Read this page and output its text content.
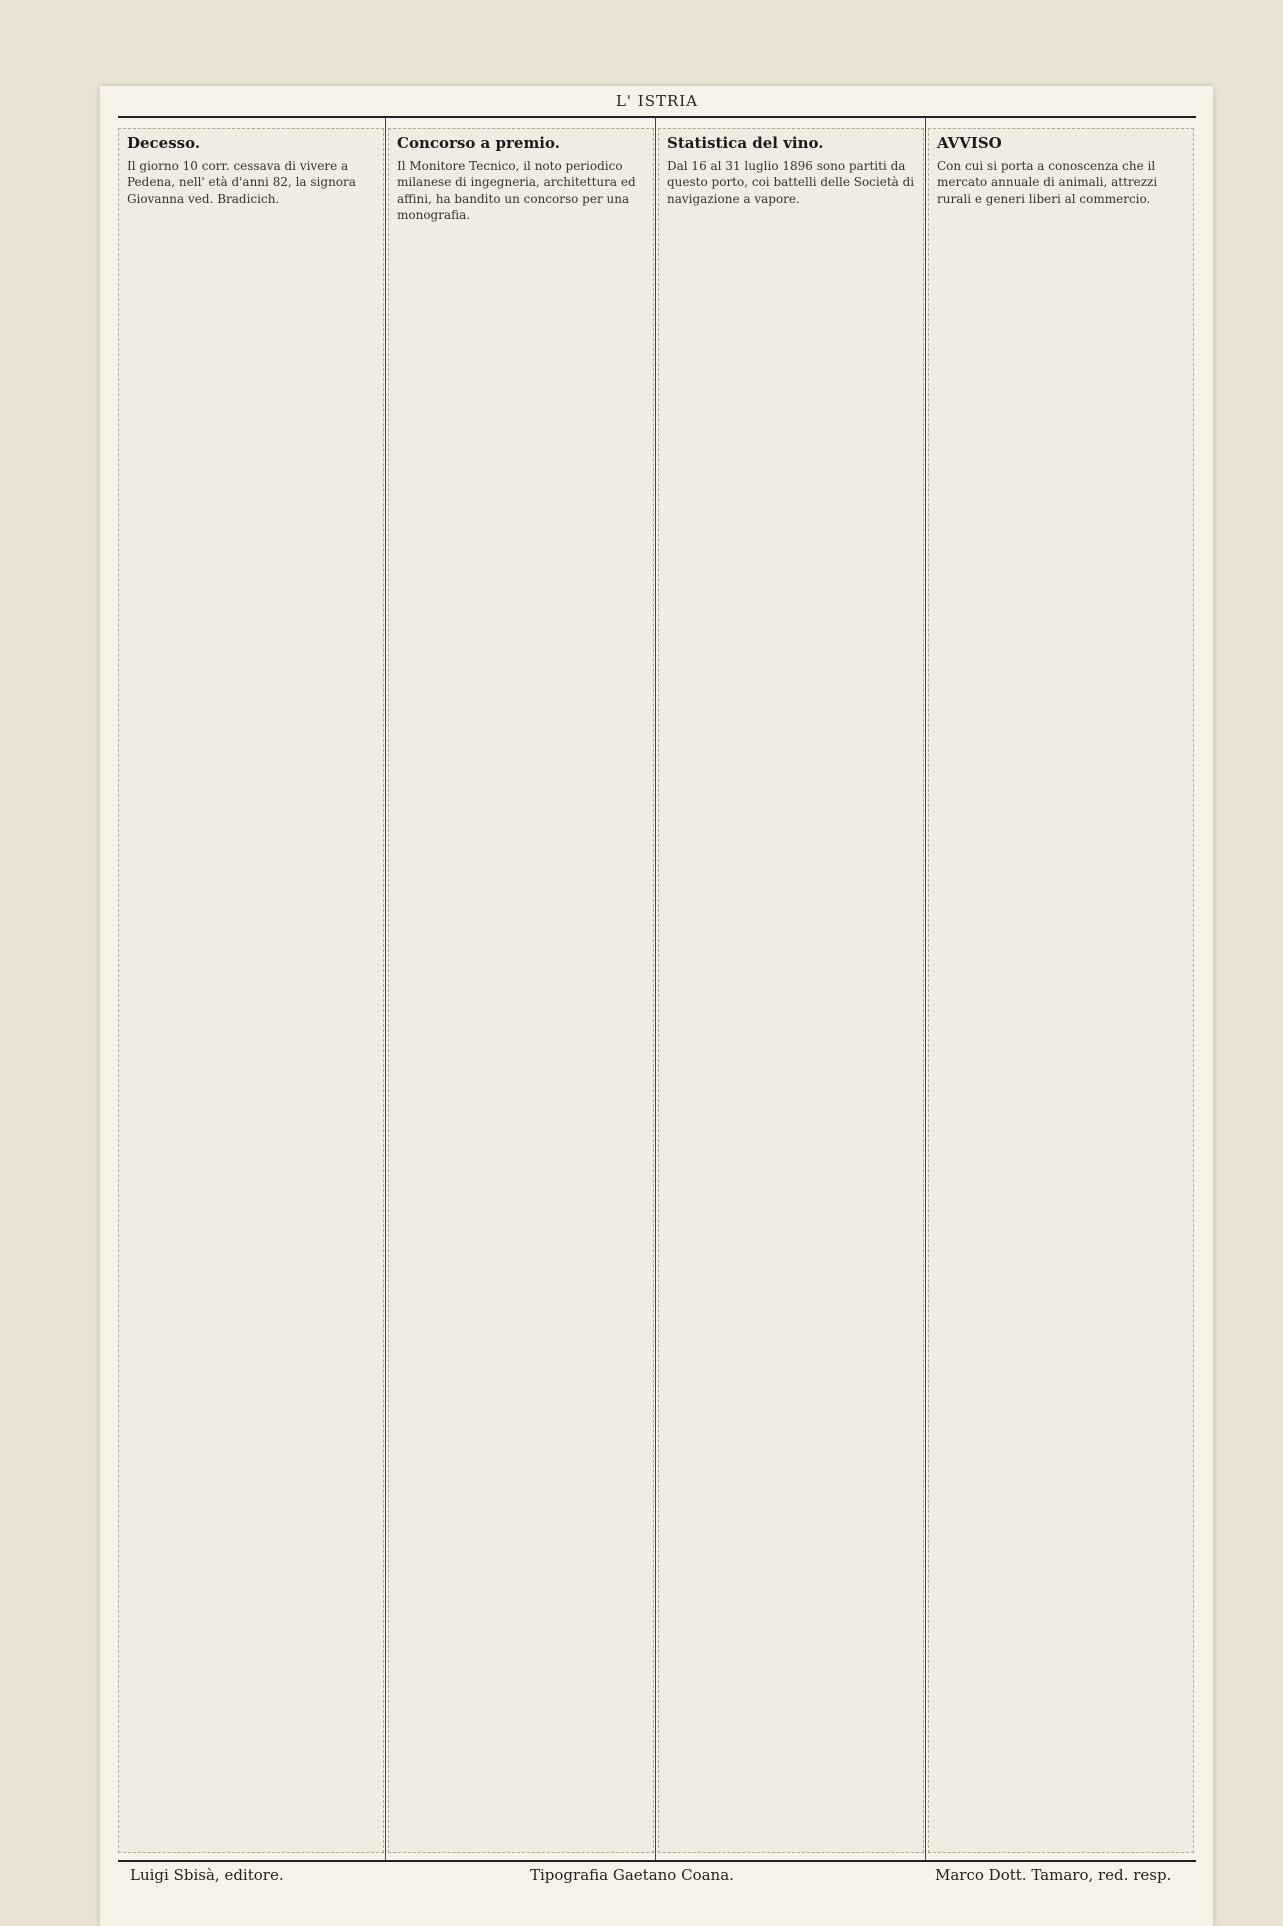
L' ISTRIA
Decesso.

Il giorno 10 corr. cessava di vivere a Pedena, nell' età d'anni 82, la signora Giovanna ved. Bradicich.

Concorso a premio.

Il Monitore Tecnico, il noto periodico milanese di ingegneria, architettura ed affini, ha bandito un concorso per una monografia.

Statistica del vino.

Dal 16 al 31 luglio 1896 sono partiti da questo porto, coi battelli delle Società di navigazione a vapore.

AVVISO

Con cui si porta a conoscenza che il mercato annuale di animali, attrezzi rurali e generi liberi al commercio.

Luigi Sbisà, editore.	Tipografia Gaetano Coana.	Marco Dott. Tamaro, red. resp.
